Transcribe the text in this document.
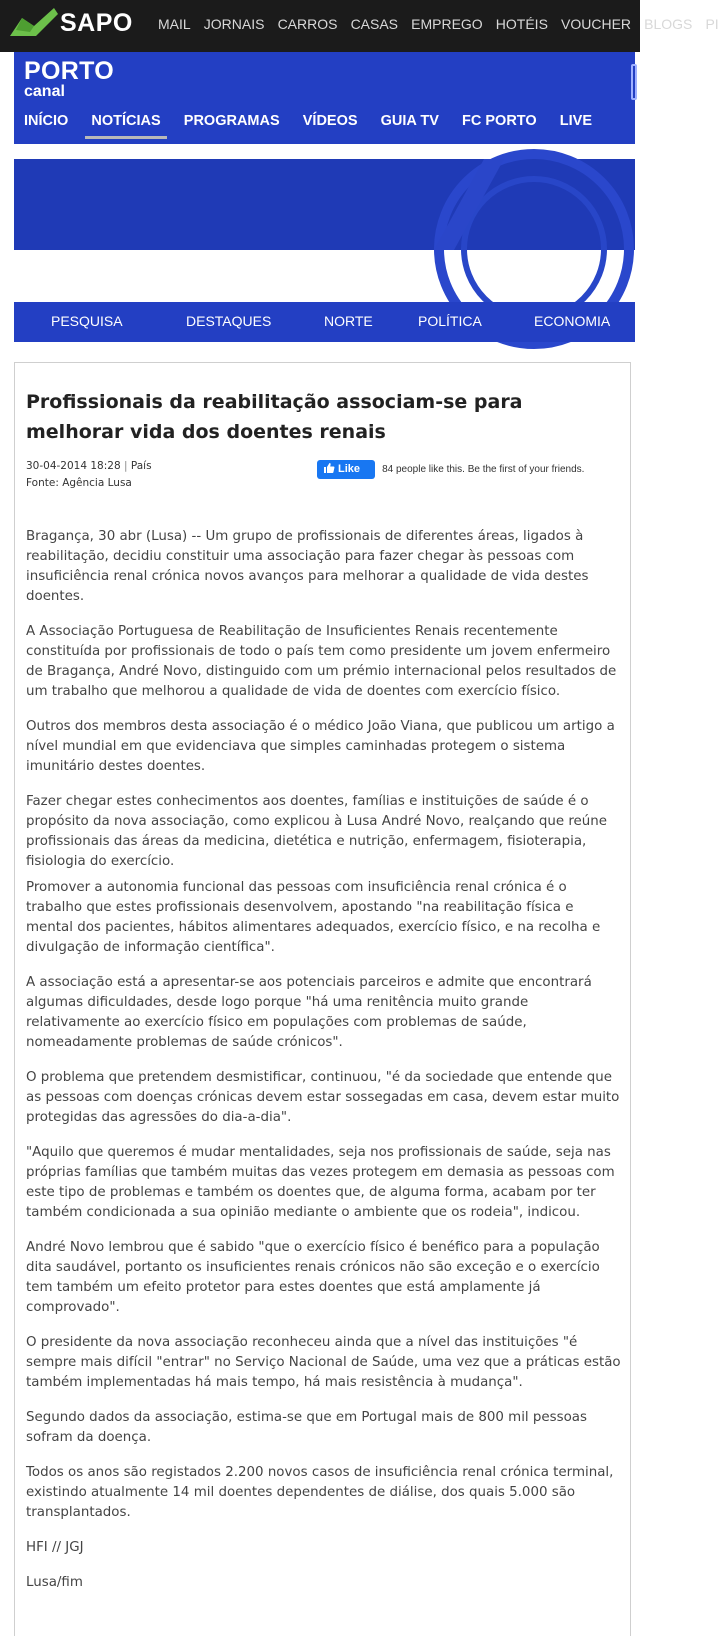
SAPO MAIL JORNAIS CARROS CASAS EMPREGO HOTÉIS VOUCHER BLOGS PI
PORTO
canal
INÍCIO NOTÍCIAS PROGRAMAS VÍDEOS GUIA TV FC PORTO LIVE
PESQUISA	DESTAQUES	NORTE	POLÍTICA	ECONOMIA
Profissionais da reabilitação associam-se para melhorar vida dos doentes renais
30-04-2014 18:28 | País
Fonte: Agência Lusa
Like 84 people like this. Be the first of your friends.

Bragança, 30 abr (Lusa) -- Um grupo de profissionais de diferentes áreas, ligados à reabilitação, decidiu constituir uma associação para fazer chegar às pessoas com insuficiência renal crónica novos avanços para melhorar a qualidade de vida destes doentes.

A Associação Portuguesa de Reabilitação de Insuficientes Renais recentemente constituída por profissionais de todo o país tem como presidente um jovem enfermeiro de Bragança, André Novo, distinguido com um prémio internacional pelos resultados de um trabalho que melhorou a qualidade de vida de doentes com exercício físico.

Outros dos membros desta associação é o médico João Viana, que publicou um artigo a nível mundial em que evidenciava que simples caminhadas protegem o sistema imunitário destes doentes.

Fazer chegar estes conhecimentos aos doentes, famílias e instituições de saúde é o propósito da nova associação, como explicou à Lusa André Novo, realçando que reúne profissionais das áreas da medicina, dietética e nutrição, enfermagem, fisioterapia, fisiologia do exercício.

Promover a autonomia funcional das pessoas com insuficiência renal crónica é o trabalho que estes profissionais desenvolvem, apostando "na reabilitação física e mental dos pacientes, hábitos alimentares adequados, exercício físico, e na recolha e divulgação de informação científica".

A associação está a apresentar-se aos potenciais parceiros e admite que encontrará algumas dificuldades, desde logo porque "há uma renitência muito grande relativamente ao exercício físico em populações com problemas de saúde, nomeadamente problemas de saúde crónicos".

O problema que pretendem desmistificar, continuou, "é da sociedade que entende que as pessoas com doenças crónicas devem estar sossegadas em casa, devem estar muito protegidas das agressões do dia-a-dia".

"Aquilo que queremos é mudar mentalidades, seja nos profissionais de saúde, seja nas próprias famílias que também muitas das vezes protegem em demasia as pessoas com este tipo de problemas e também os doentes que, de alguma forma, acabam por ter também condicionada a sua opinião mediante o ambiente que os rodeia", indicou.

André Novo lembrou que é sabido "que o exercício físico é benéfico para a população dita saudável, portanto os insuficientes renais crónicos não são exceção e o exercício tem também um efeito protetor para estes doentes que está amplamente já comprovado".

O presidente da nova associação reconheceu ainda que a nível das instituições "é sempre mais difícil "entrar" no Serviço Nacional de Saúde, uma vez que a práticas estão também implementadas há mais tempo, há mais resistência à mudança".

Segundo dados da associação, estima-se que em Portugal mais de 800 mil pessoas sofram da doença.

Todos os anos são registados 2.200 novos casos de insuficiência renal crónica terminal, existindo atualmente 14 mil doentes dependentes de diálise, dos quais 5.000 são transplantados.

HFI // JGJ

Lusa/fim
